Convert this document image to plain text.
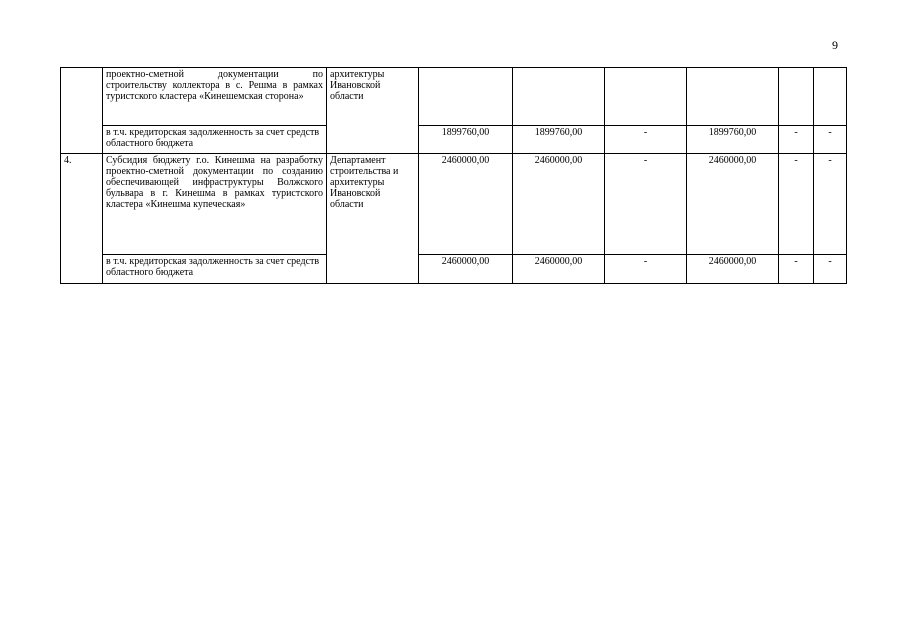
9
	проектно-сметной документации по строительству коллектора в с. Решма в рамках туристского кластера «Кинешемская сторона»	архитектуры Ивановской области						
	в т.ч. кредиторская задолженность за счет средств областного бюджета		1899760,00	1899760,00	-	1899760,00	-	-
4.	Субсидия бюджету г.о. Кинешма на разработку проектно-сметной документации по созданию обеспечивающей инфраструктуры Волжского бульвара в г. Кинешма в рамках туристского кластера «Кинешма купеческая»	Департамент строительства и архитектуры Ивановской области	2460000,00	2460000,00	-	2460000,00	-	-
	в т.ч. кредиторская задолженность за счет средств областного бюджета		2460000,00	2460000,00	-	2460000,00	-	-
